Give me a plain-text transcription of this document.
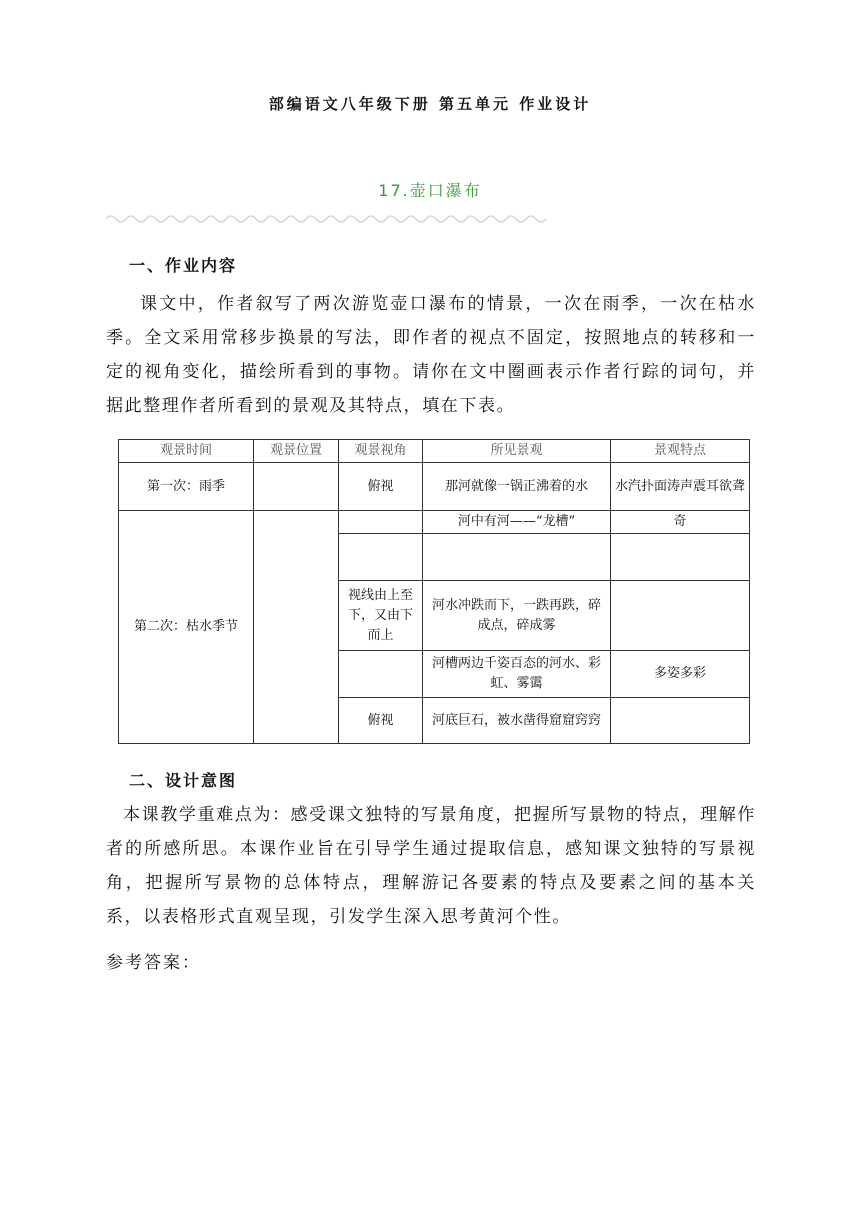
部编语文八年级下册 第五单元 作业设计
17.壶口瀑布
一、作业内容
课文中，作者叙写了两次游览壶口瀑布的情景，一次在雨季，一次在枯水季。全文采用常移步换景的写法，即作者的视点不固定，按照地点的转移和一定的视角变化，描绘所看到的事物。请你在文中圈画表示作者行踪的词句，并据此整理作者所看到的景观及其特点，填在下表。
观景时间	观景位置	观景视角	所见景观	景观特点
第一次：雨季		俯视	那河就像一锅正沸着的水	水汽扑面涛声震耳欲聋
第二次：枯水季节			河中有河——“龙槽”	奇

		视线由上至下，又由下而上	河水冲跌而下，一跌再跌，碎成点，碎成雾	
			河槽两边千姿百态的河水、彩虹、雾霭	多姿多彩
		俯视	河底巨石，被水凿得窟窟窍窍	
二、设计意图
本课教学重难点为：感受课文独特的写景角度，把握所写景物的特点，理解作者的所感所思。本课作业旨在引导学生通过提取信息，感知课文独特的写景视角，把握所写景物的总体特点，理解游记各要素的特点及要素之间的基本关系，以表格形式直观呈现，引发学生深入思考黄河个性。
参考答案：
